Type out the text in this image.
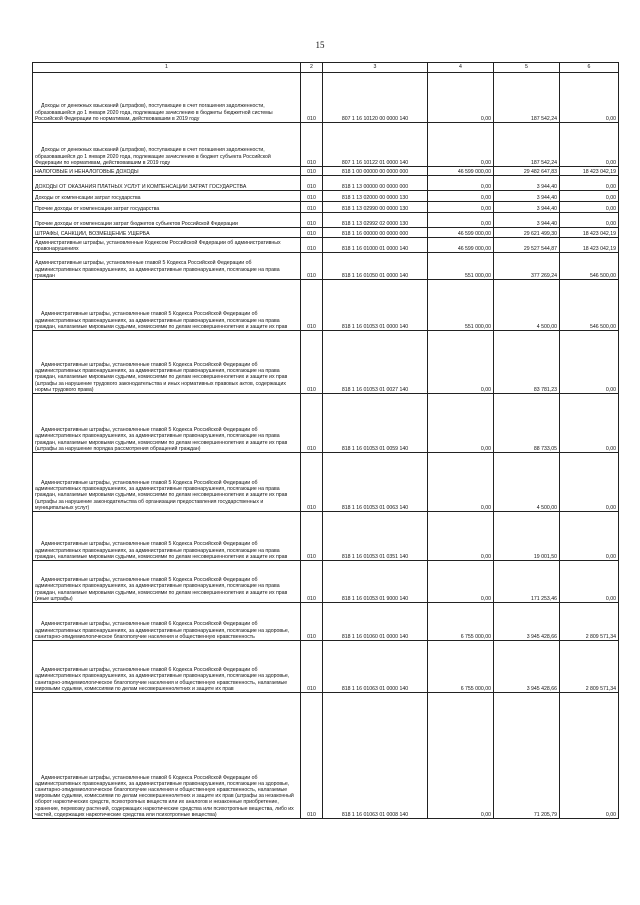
15
1	2	3	4	5	6
Доходы от денежных взысканий (штрафов), поступающие в счет погашения задолженности, образовавшейся до 1 января 2020 года, подлежащие зачислению в бюджеты бюджетной системы Российской Федерации по нормативам, действовавшим в 2019 году	010	807 1 16 10120 00 0000 140	0,00	187 542,24	0,00
Доходы от денежных взысканий (штрафов), поступающие в счет погашения задолженности, образовавшейся до 1 января 2020 года, подлежащие зачислению в бюджет субъекта Российской Федерации по нормативам, действовавшим в 2019 году	010	807 1 16 10122 01 0000 140	0,00	187 542,24	0,00
НАЛОГОВЫЕ И НЕНАЛОГОВЫЕ ДОХОДЫ	010	818 1 00 00000 00 0000 000	46 599 000,00	29 482 647,83	18 423 042,19
ДОХОДЫ ОТ ОКАЗАНИЯ ПЛАТНЫХ УСЛУГ И КОМПЕНСАЦИИ ЗАТРАТ ГОСУДАРСТВА	010	818 1 13 00000 00 0000 000	0,00	3 944,40	0,00
Доходы от компенсации затрат государства	010	818 1 13 02000 00 0000 130	0,00	3 944,40	0,00
Прочие доходы от компенсации затрат государства	010	818 1 13 02990 00 0000 130	0,00	3 944,40	0,00
Прочие доходы от компенсации затрат бюджетов субъектов Российской Федерации	010	818 1 13 02992 02 0000 130	0,00	3 944,40	0,00
ШТРАФЫ, САНКЦИИ, ВОЗМЕЩЕНИЕ УЩЕРБА	010	818 1 16 00000 00 0000 000	46 599 000,00	29 621 499,30	18 423 042,19
Административные штрафы, установленные Кодексом Российской Федерации об административных правонарушениях	010	818 1 16 01000 01 0000 140	46 599 000,00	29 527 544,87	18 423 042,19
Административные штрафы, установленные главой 5 Кодекса Российской Федерации об административных правонарушениях, за административные правонарушения, посягающие на права граждан	010	818 1 16 01050 01 0000 140	551 000,00	377 269,24	546 500,00
Административные штрафы, установленные главой 5 Кодекса Российской Федерации об административных правонарушениях, за административные правонарушения, посягающие на права граждан, налагаемые мировыми судьями, комиссиями по делам несовершеннолетних и защите их прав	010	818 1 16 01053 01 0000 140	551 000,00	4 500,00	546 500,00
Административные штрафы, установленные главой 5 Кодекса Российской Федерации об административных правонарушениях, за административные правонарушения, посягающие на права граждан, налагаемые мировыми судьями, комиссиями по делам несовершеннолетних и защите их прав (штрафы за нарушение трудового законодательства и иных нормативных правовых актов, содержащих нормы трудового права)	010	818 1 16 01053 01 0027 140	0,00	83 781,23	0,00
Административные штрафы, установленные главой 5 Кодекса Российской Федерации об административных правонарушениях, за административные правонарушения, посягающие на права граждан, налагаемые мировыми судьями, комиссиями по делам несовершеннолетних и защите их прав (штрафы за нарушение порядка рассмотрения обращений граждан)	010	818 1 16 01053 01 0059 140	0,00	88 733,05	0,00
Административные штрафы, установленные главой 5 Кодекса Российской Федерации об административных правонарушениях, за административные правонарушения, посягающие на права граждан, налагаемые мировыми судьями, комиссиями по делам несовершеннолетних и защите их прав (штрафы за нарушение законодательства об организации предоставления государственных и муниципальных услуг)	010	818 1 16 01053 01 0063 140	0,00	4 500,00	0,00
Административные штрафы, установленные главой 5 Кодекса Российской Федерации об административных правонарушениях, за административные правонарушения, посягающие на права граждан, налагаемые мировыми судьями, комиссиями по делам несовершеннолетних и защите их прав	010	818 1 16 01053 01 0351 140	0,00	19 001,50	0,00
Административные штрафы, установленные главой 5 Кодекса Российской Федерации об административных правонарушениях, за административные правонарушения, посягающие на права граждан, налагаемые мировыми судьями, комиссиями по делам несовершеннолетних и защите их прав (иные штрафы)	010	818 1 16 01053 01 9000 140	0,00	171 253,46	0,00
Административные штрафы, установленные главой 6 Кодекса Российской Федерации об административных правонарушениях, за административные правонарушения, посягающие на здоровье, санитарно-эпидемиологическое благополучие населения и общественную нравственность	010	818 1 16 01060 01 0000 140	6 755 000,00	3 945 428,66	2 809 571,34
Административные штрафы, установленные главой 6 Кодекса Российской Федерации об административных правонарушениях, за административные правонарушения, посягающие на здоровье, санитарно-эпидемиологическое благополучие населения и общественную нравственность, налагаемые мировыми судьями, комиссиями по делам несовершеннолетних и защите их прав	010	818 1 16 01063 01 0000 140	6 755 000,00	3 945 428,66	2 809 571,34
Административные штрафы, установленные главой 6 Кодекса Российской Федерации об административных правонарушениях, за административные правонарушения, посягающие на здоровье, санитарно-эпидемиологическое благополучие населения и общественную нравственность, налагаемые мировыми судьями, комиссиями по делам несовершеннолетних и защите их прав (штрафы за незаконный оборот наркотических средств, психотропных веществ или их аналогов и незаконные приобретение, хранение, перевозку растений, содержащих наркотические средства или психотропные вещества, либо их частей, содержащих наркотические средства или психотропные вещества)	010	818 1 16 01063 01 0008 140	0,00	71 205,79	0,00
